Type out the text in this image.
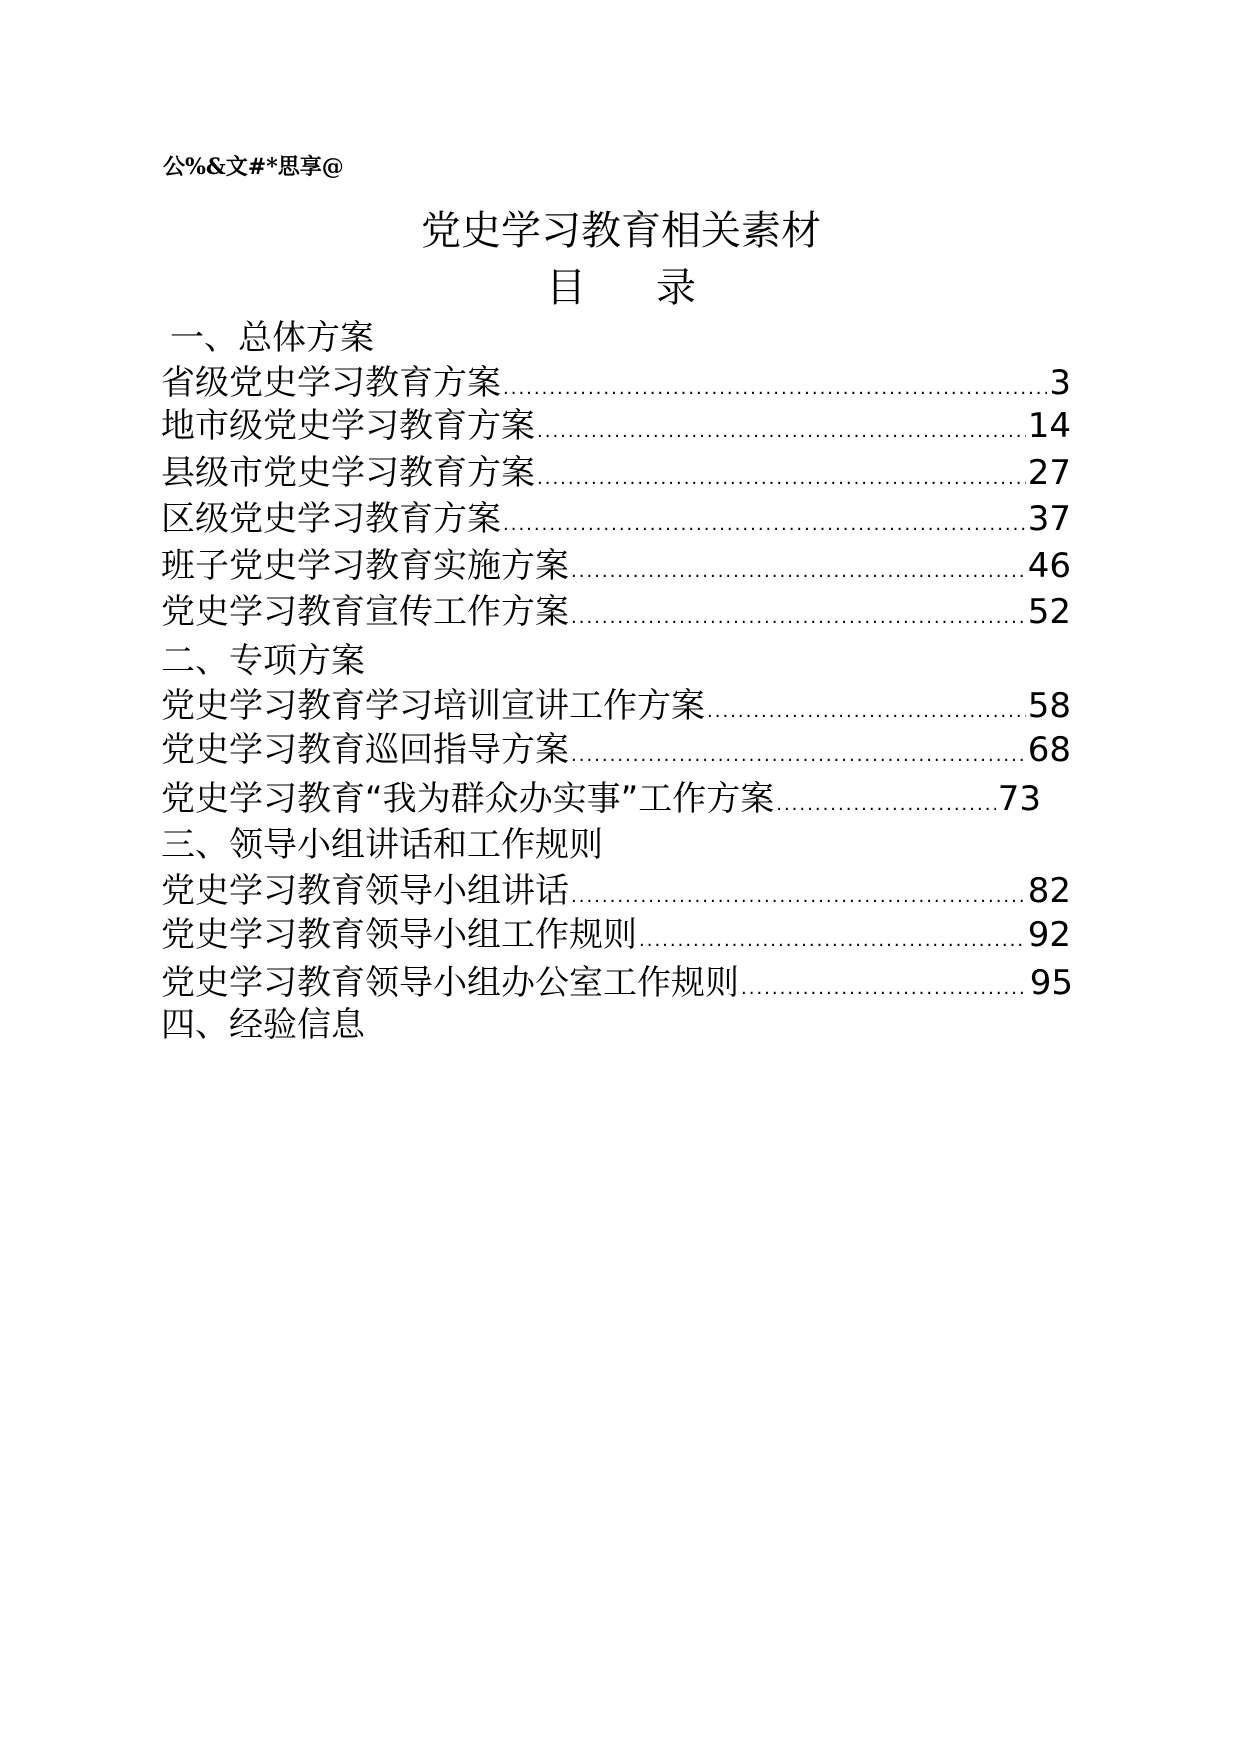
公%&文#*思享@
党史学习教育相关素材
目 录
一、总体方案
省级党史学习教育方案 .....	3
地市级党史学习教育方案 .....	14
县级市党史学习教育方案 .....	27
区级党史学习教育方案 .....	37
班子党史学习教育实施方案 .....	46
党史学习教育宣传工作方案 .....	52
二、专项方案
党史学习教育学习培训宣讲工作方案 .....	58
党史学习教育巡回指导方案 .....	68
党史学习教育“我为群众办实事”工作方案 .....	73
三、领导小组讲话和工作规则
党史学习教育领导小组讲话 .....	82
党史学习教育领导小组工作规则 .....	92
党史学习教育领导小组办公室工作规则 .....	95
四、经验信息
